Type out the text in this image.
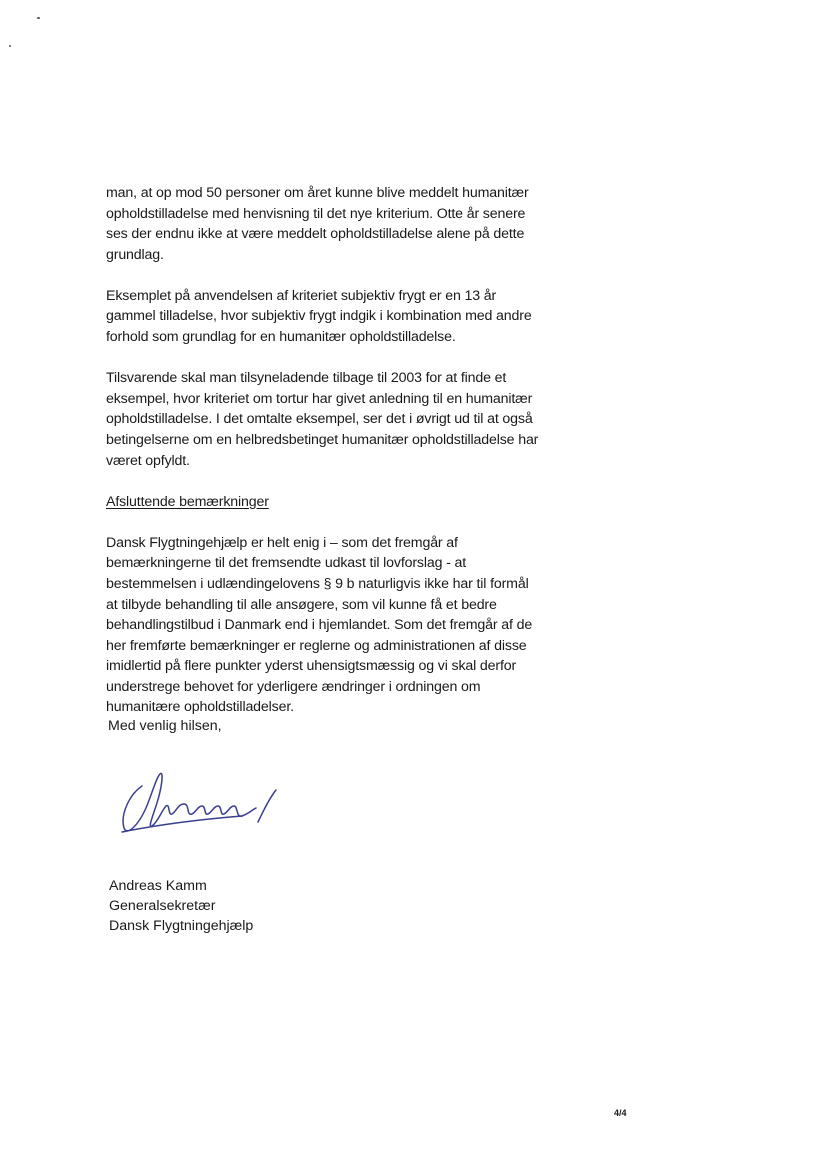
man, at op mod 50 personer om året kunne blive meddelt humanitær
opholdstilladelse med henvisning til det nye kriterium. Otte år senere
ses der endnu ikke at være meddelt opholdstilladelse alene på dette
grundlag.

Eksemplet på anvendelsen af kriteriet subjektiv frygt er en 13 år
gammel tilladelse, hvor subjektiv frygt indgik i kombination med andre
forhold som grundlag for en humanitær opholdstilladelse.

Tilsvarende skal man tilsyneladende tilbage til 2003 for at finde et
eksempel, hvor kriteriet om tortur har givet anledning til en humanitær
opholdstilladelse. I det omtalte eksempel, ser det i øvrigt ud til at også
betingelserne om en helbredsbetinget humanitær opholdstilladelse har
været opfyldt.

Afsluttende bemærkninger

Dansk Flygtningehjælp er helt enig i – som det fremgår af
bemærkningerne til det fremsendte udkast til lovforslag - at
bestemmelsen i udlændingelovens § 9 b naturligvis ikke har til formål
at tilbyde behandling til alle ansøgere, som vil kunne få et bedre
behandlingstilbud i Danmark end i hjemlandet. Som det fremgår af de
her fremførte bemærkninger er reglerne og administrationen af disse
imidlertid på flere punkter yderst uhensigtsmæssig og vi skal derfor
understrege behovet for yderligere ændringer i ordningen om
humanitære opholdstilladelser.

Med venlig hilsen,
Andreas Kamm
Generalsekretær
Dansk Flygtningehjælp
4/4
